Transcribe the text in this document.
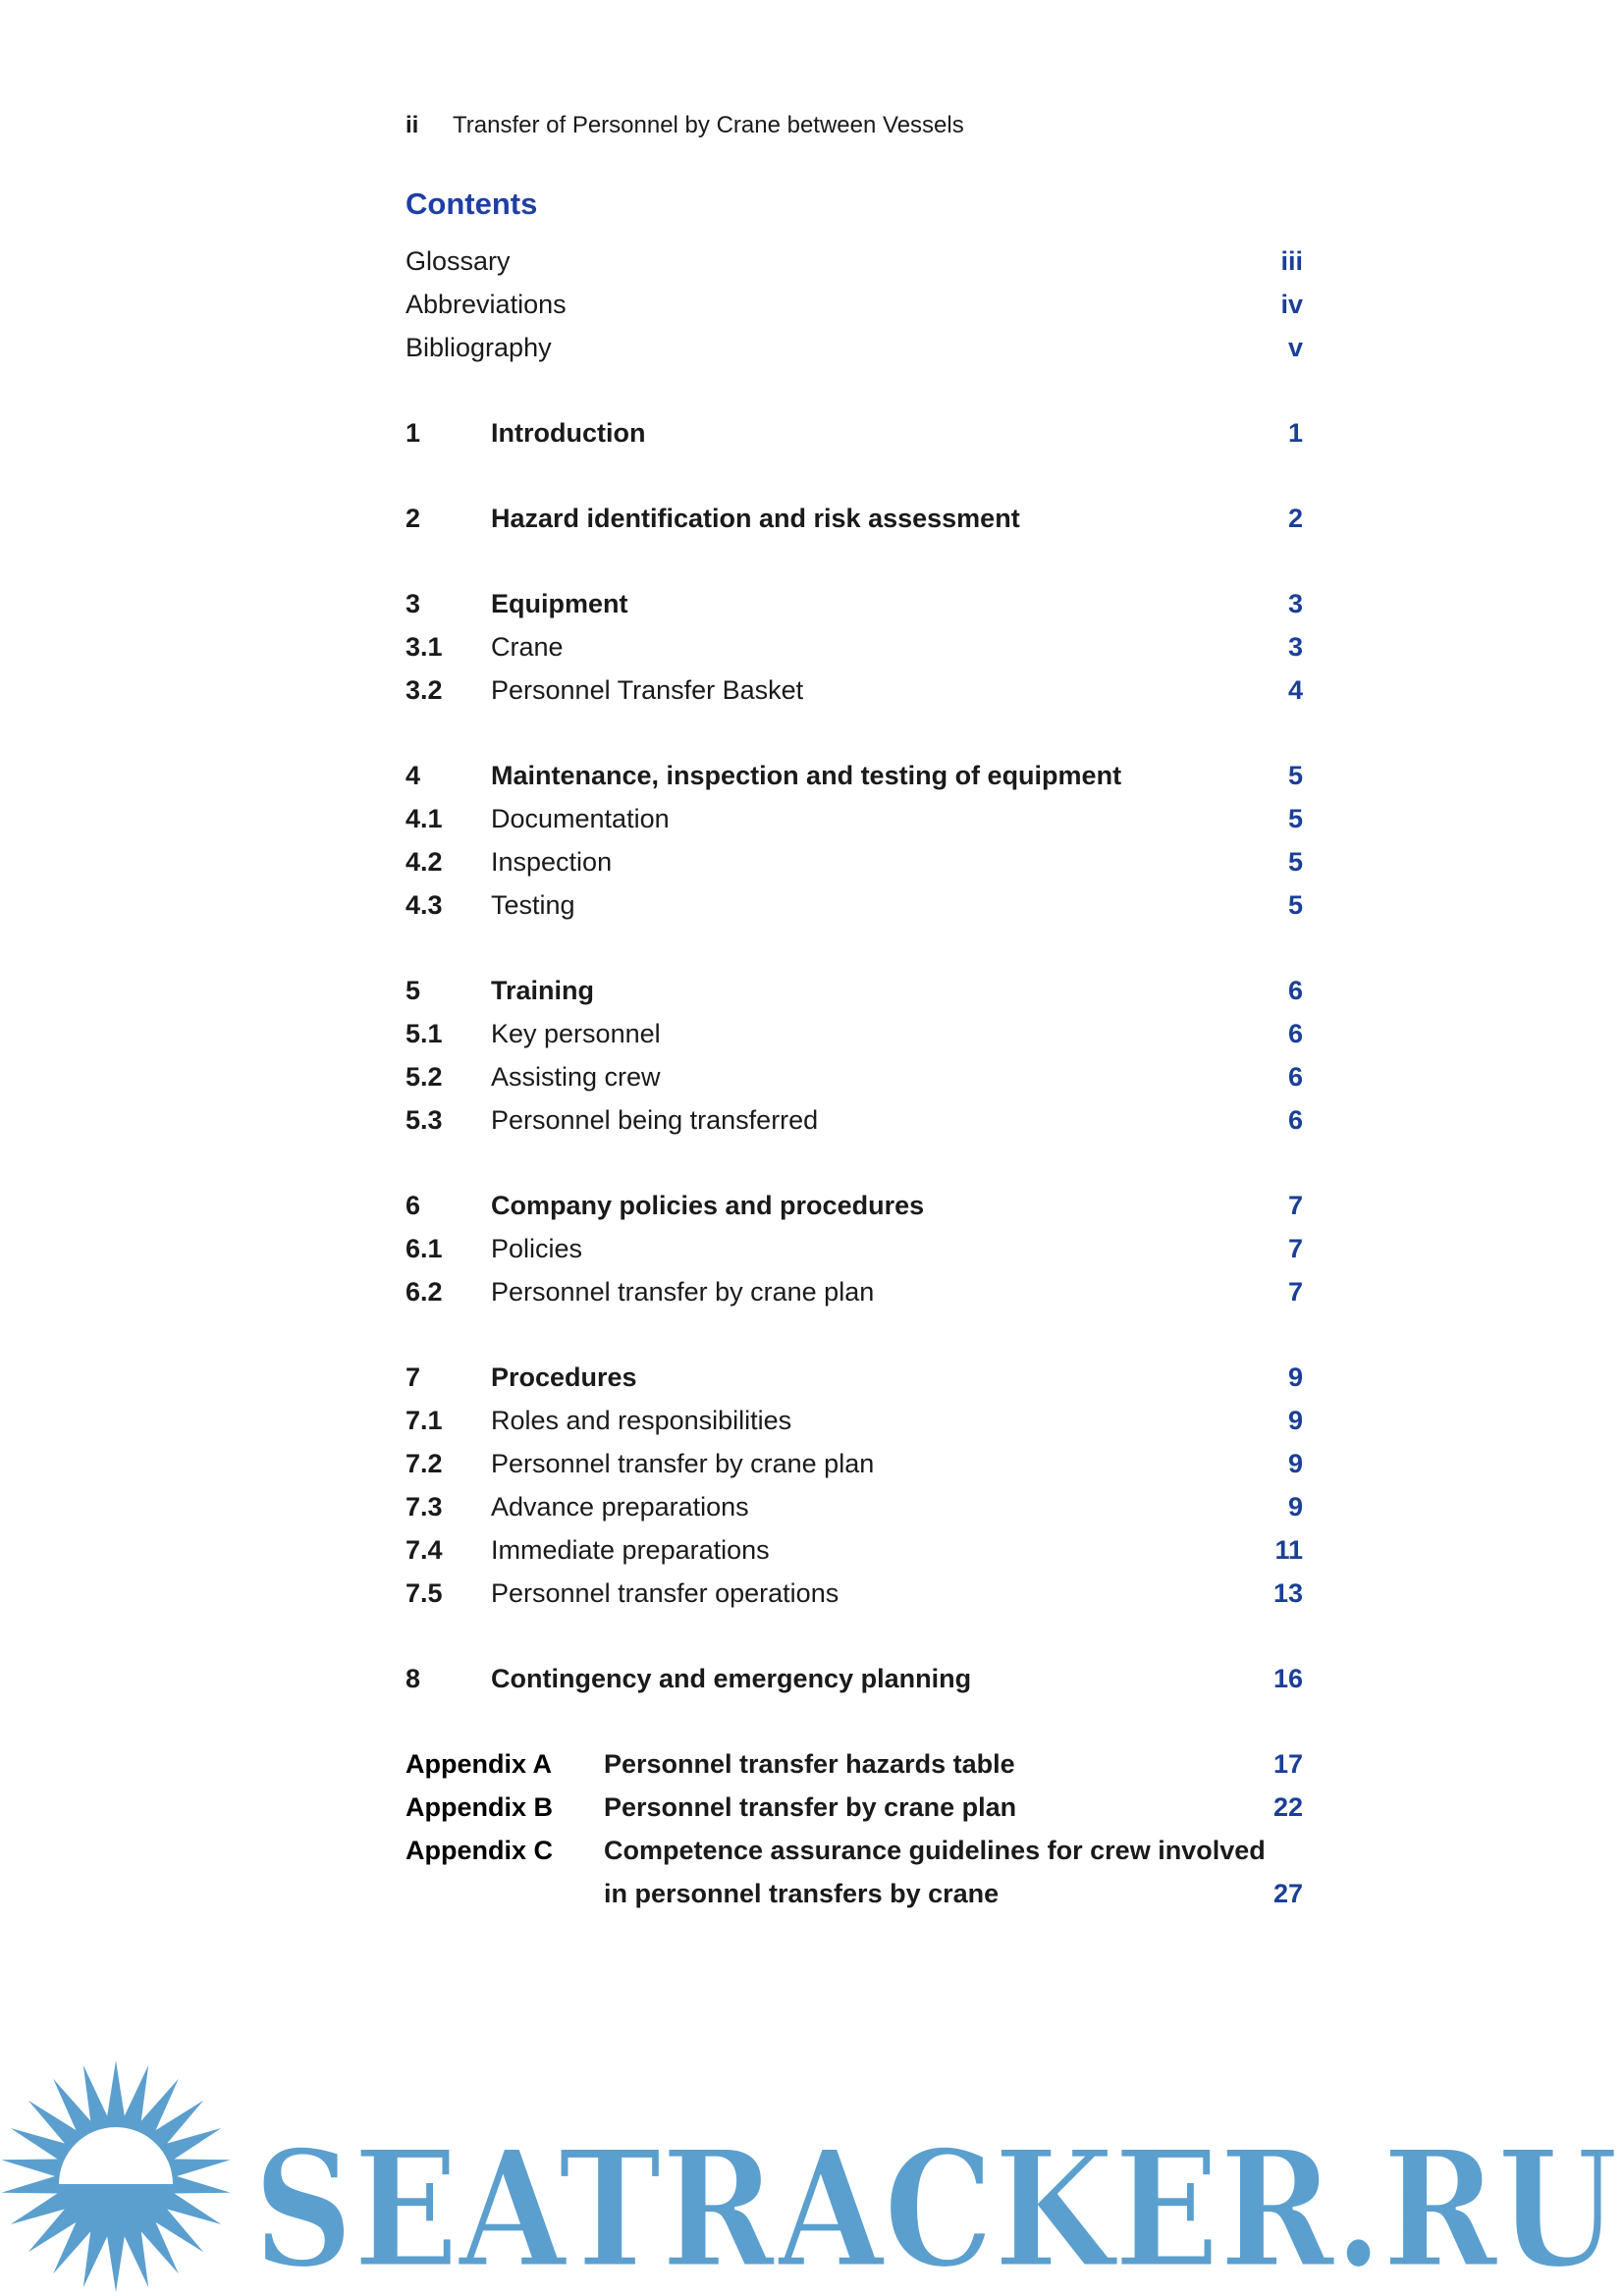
ii	Transfer of Personnel by Crane between Vessels
Contents
Glossary	iii
Abbreviations	iv
Bibliography	v
1	Introduction	1
2	Hazard identification and risk assessment	2
3	Equipment	3
3.1 Crane	3
3.2 Personnel Transfer Basket	4
4	Maintenance, inspection and testing of equipment	5
4.1 Documentation	5
4.2 Inspection	5
4.3 Testing	5
5	Training	6
5.1 Key personnel	6
5.2 Assisting crew	6
5.3 Personnel being transferred	6
6	Company policies and procedures	7
6.1 Policies	7
6.2 Personnel transfer by crane plan	7
7	Procedures	9
7.1 Roles and responsibilities	9
7.2 Personnel transfer by crane plan	9
7.3 Advance preparations	9
7.4 Immediate preparations	11
7.5 Personnel transfer operations	13
8	Contingency and emergency planning	16
Appendix A Personnel transfer hazards table	17
Appendix B Personnel transfer by crane plan	22
Appendix C Competence assurance guidelines for crew involved
in personnel transfers by crane	27
SEATRACKER.RU
